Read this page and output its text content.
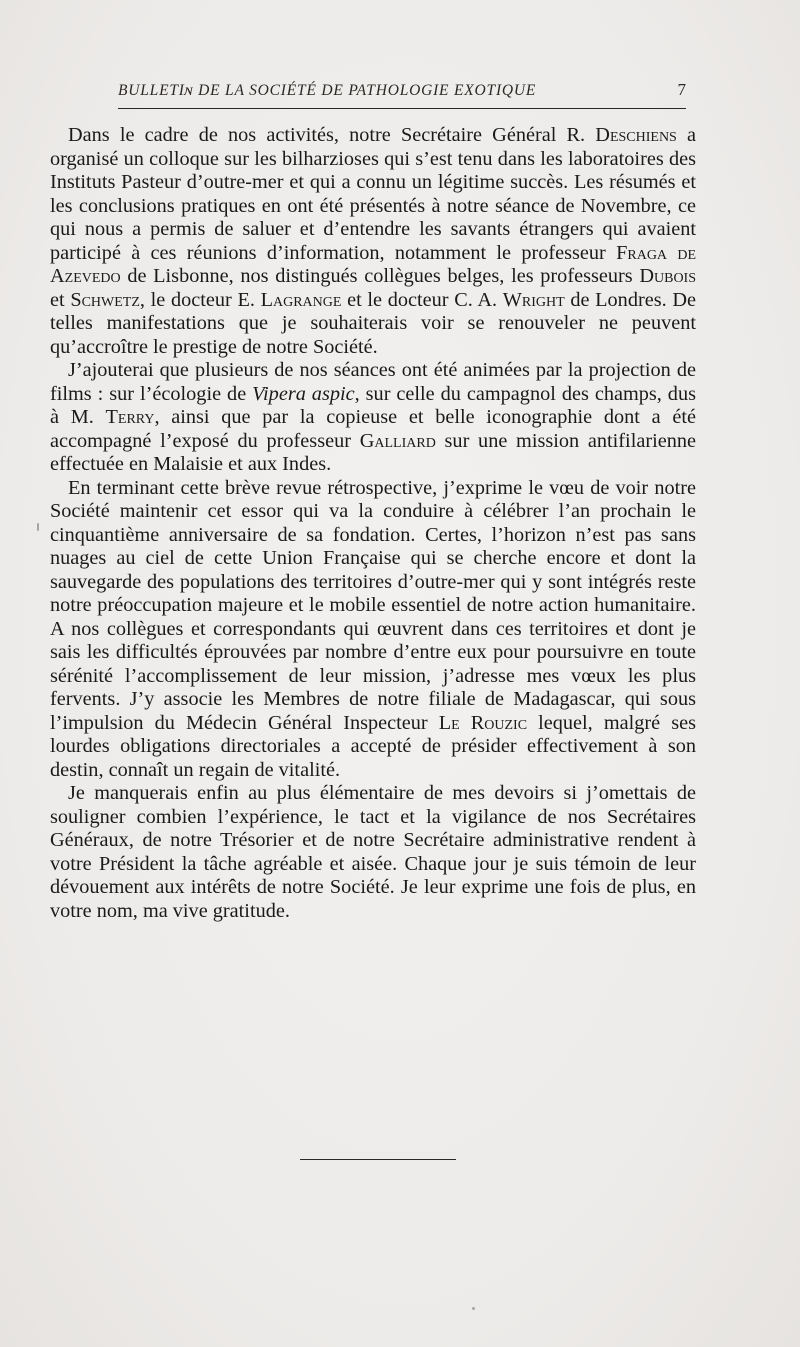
BULLETIɴ DE LA SOCIÉTÉ DE PATHOLOGIE EXOTIQUE	7

Dans le cadre de nos activités, notre Secrétaire Général R. Deschiens a organisé un colloque sur les bilharzioses qui s’est tenu dans les laboratoires des Instituts Pasteur d’outre-mer et qui a connu un légitime succès. Les résumés et les conclusions pratiques en ont été présentés à notre séance de Novembre, ce qui nous a permis de saluer et d’entendre les savants étrangers qui avaient participé à ces réunions d’information, notamment le professeur Fraga de Azevedo de Lisbonne, nos distingués collègues belges, les professeurs Dubois et Schwetz, le docteur E. Lagrange et le docteur C. A. Wright de Londres. De telles manifestations que je souhaiterais voir se renouveler ne peuvent qu’accroître le prestige de notre Société.

J’ajouterai que plusieurs de nos séances ont été animées par la projection de films : sur l’écologie de Vipera aspic, sur celle du campagnol des champs, dus à M. Terry, ainsi que par la copieuse et belle iconographie dont a été accompagné l’exposé du professeur Galliard sur une mission antifilarienne effectuée en Malaisie et aux Indes.

En terminant cette brève revue rétrospective, j’exprime le vœu de voir notre Société maintenir cet essor qui va la conduire à célébrer l’an prochain le cinquantième anniversaire de sa fondation. Certes, l’horizon n’est pas sans nuages au ciel de cette Union Française qui se cherche encore et dont la sauvegarde des populations des territoires d’outre-mer qui y sont intégrés reste notre préoccupation majeure et le mobile essentiel de notre action humanitaire. A nos collègues et correspondants qui œuvrent dans ces territoires et dont je sais les difficultés éprouvées par nombre d’entre eux pour poursuivre en toute sérénité l’accomplissement de leur mission, j’adresse mes vœux les plus fervents. J’y associe les Membres de notre filiale de Madagascar, qui sous l’impulsion du Médecin Général Inspecteur Le Rouzic lequel, malgré ses lourdes obligations directoriales a accepté de présider effectivement à son destin, connaît un regain de vitalité.

Je manquerais enfin au plus élémentaire de mes devoirs si j’omettais de souligner combien l’expérience, le tact et la vigilance de nos Secrétaires Généraux, de notre Trésorier et de notre Secrétaire administrative rendent à votre Président la tâche agréable et aisée. Chaque jour je suis témoin de leur dévouement aux intérêts de notre Société. Je leur exprime une fois de plus, en votre nom, ma vive gratitude.
